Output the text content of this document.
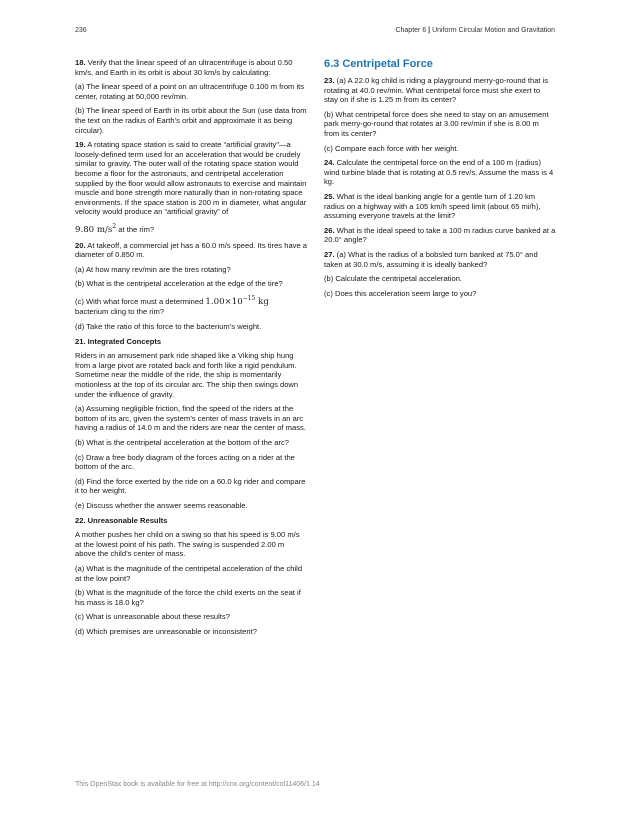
236	Chapter 6 | Uniform Circular Motion and Gravitation

18. Verify that the linear speed of an ultracentrifuge is about 0.50 km/s, and Earth in its orbit is about 30 km/s by calculating:

(a) The linear speed of a point on an ultracentrifuge 0.100 m from its center, rotating at 50,000 rev/min.

(b) The linear speed of Earth in its orbit about the Sun (use data from the text on the radius of Earth’s orbit and approximate it as being circular).

19. A rotating space station is said to create “artificial gravity”—a loosely-defined term used for an acceleration that would be crudely similar to gravity. The outer wall of the rotating space station would become a floor for the astronauts, and centripetal acceleration supplied by the floor would allow astronauts to exercise and maintain muscle and bone strength more naturally than in non-rotating space environments. If the space station is 200 m in diameter, what angular velocity would produce an “artificial gravity” of

9.80 $m/s^2$ at the rim?

20. At takeoff, a commercial jet has a 60.0 m/s speed. Its tires have a diameter of 0.850 m.

(a) At how many rev/min are the tires rotating?

(b) What is the centripetal acceleration at the edge of the tire?

(c) With what force must a determined $1.00\times 10^{-15}$ kg
bacterium cling to the rim?

(d) Take the ratio of this force to the bacterium’s weight.

21. Integrated Concepts

Riders in an amusement park ride shaped like a Viking ship hung from a large pivot are rotated back and forth like a rigid pendulum. Sometime near the middle of the ride, the ship is momentarily motionless at the top of its circular arc. The ship then swings down under the influence of gravity.

(a) Assuming negligible friction, find the speed of the riders at the bottom of its arc, given the system’s center of mass travels in an arc having a radius of 14.0 m and the riders are near the center of mass.

(b) What is the centripetal acceleration at the bottom of the arc?

(c) Draw a free body diagram of the forces acting on a rider at the bottom of the arc.

(d) Find the force exerted by the ride on a 60.0 kg rider and compare it to her weight.

(e) Discuss whether the answer seems reasonable.

22. Unreasonable Results

A mother pushes her child on a swing so that his speed is 9.00 m/s at the lowest point of his path. The swing is suspended 2.00 m above the child’s center of mass.

(a) What is the magnitude of the centripetal acceleration of the child at the low point?

(b) What is the magnitude of the force the child exerts on the seat if his mass is 18.0 kg?

(c) What is unreasonable about these results?

(d) Which premises are unreasonable or inconsistent?

6.3 Centripetal Force

23. (a) A 22.0 kg child is riding a playground merry-go-round that is rotating at 40.0 rev/min. What centripetal force must she exert to stay on if she is 1.25 m from its center?

(b) What centripetal force does she need to stay on an amusement park merry-go-round that rotates at 3.00 rev/min if she is 8.00 m from its center?

(c) Compare each force with her weight.

24. Calculate the centripetal force on the end of a 100 m (radius) wind turbine blade that is rotating at 0.5 rev/s. Assume the mass is 4 kg.

25. What is the ideal banking angle for a gentle turn of 1.20 km radius on a highway with a 105 km/h speed limit (about 65 mi/h), assuming everyone travels at the limit?

26. What is the ideal speed to take a 100 m radius curve banked at a 20.0° angle?

27. (a) What is the radius of a bobsled turn banked at 75.0° and taken at 30.0 m/s, assuming it is ideally banked?

(b) Calculate the centripetal acceleration.

(c) Does this acceleration seem large to you?

This OpenStax book is available for free at http://cnx.org/content/col11406/1.14
